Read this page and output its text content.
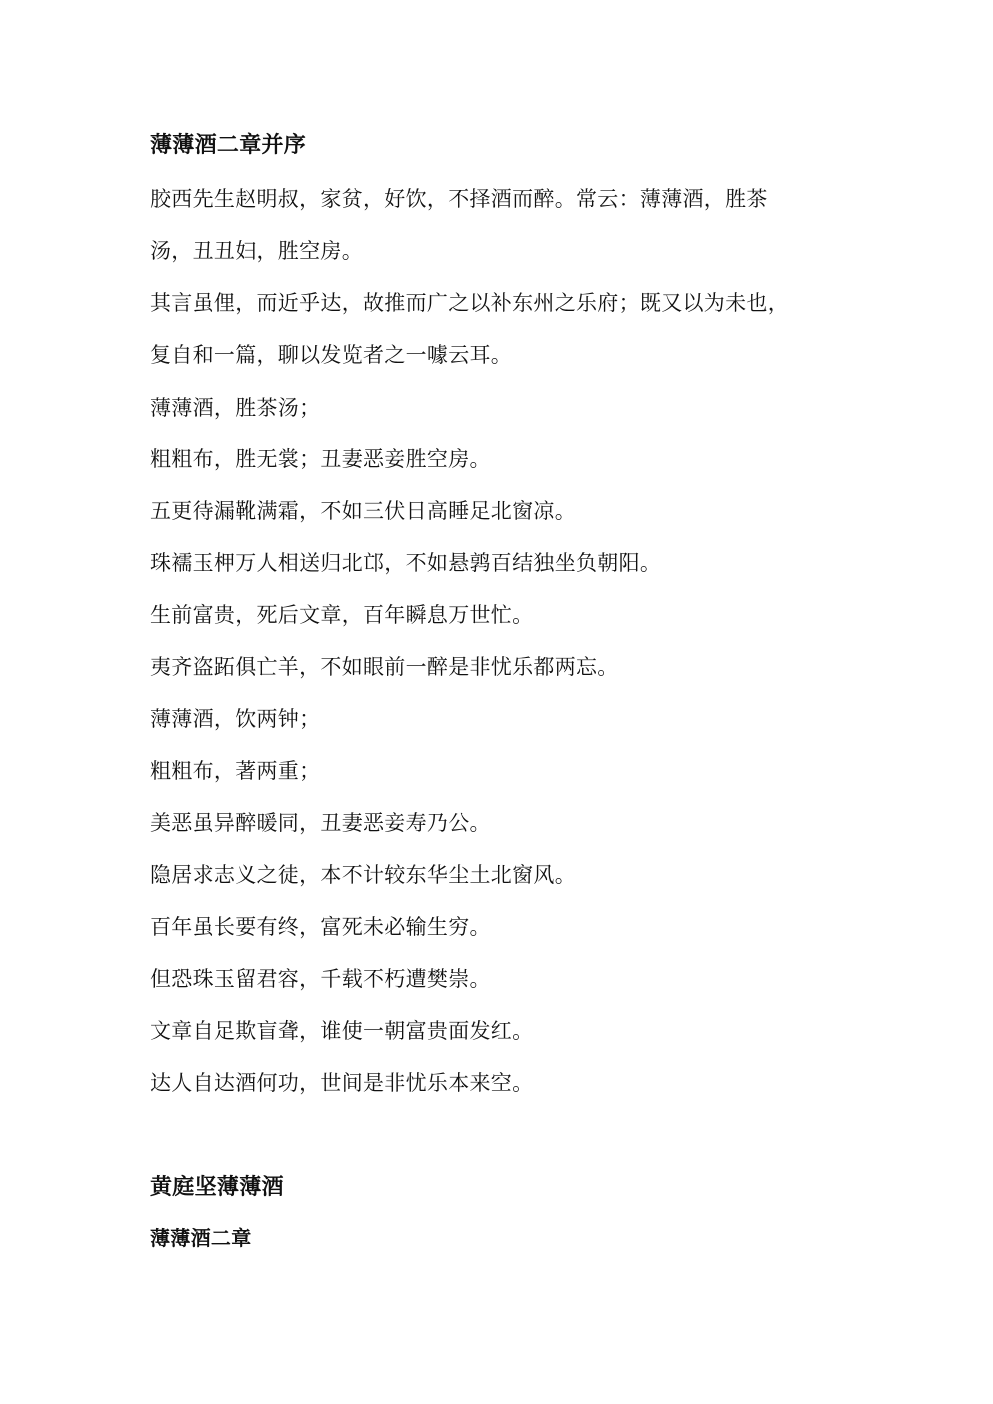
薄薄酒二章并序
胶西先生赵明叔，家贫，好饮，不择酒而醉。常云：薄薄酒，胜茶
汤，丑丑妇，胜空房。
其言虽俚，而近乎达，故推而广之以补东州之乐府；既又以为未也，
复自和一篇，聊以发览者之一噱云耳。
薄薄酒，胜茶汤；
粗粗布，胜无裳；丑妻恶妾胜空房。
五更待漏靴满霜，不如三伏日高睡足北窗凉。
珠襦玉柙万人相送归北邙，不如悬鹑百结独坐负朝阳。
生前富贵，死后文章，百年瞬息万世忙。
夷齐盗跖俱亡羊，不如眼前一醉是非忧乐都两忘。
薄薄酒，饮两钟；
粗粗布，著两重；
美恶虽异醉暖同，丑妻恶妾寿乃公。
隐居求志义之徒，本不计较东华尘土北窗风。
百年虽长要有终，富死未必输生穷。
但恐珠玉留君容，千载不朽遭樊崇。
文章自足欺盲聋，谁使一朝富贵面发红。
达人自达酒何功，世间是非忧乐本来空。
黄庭坚薄薄酒
薄薄酒二章
